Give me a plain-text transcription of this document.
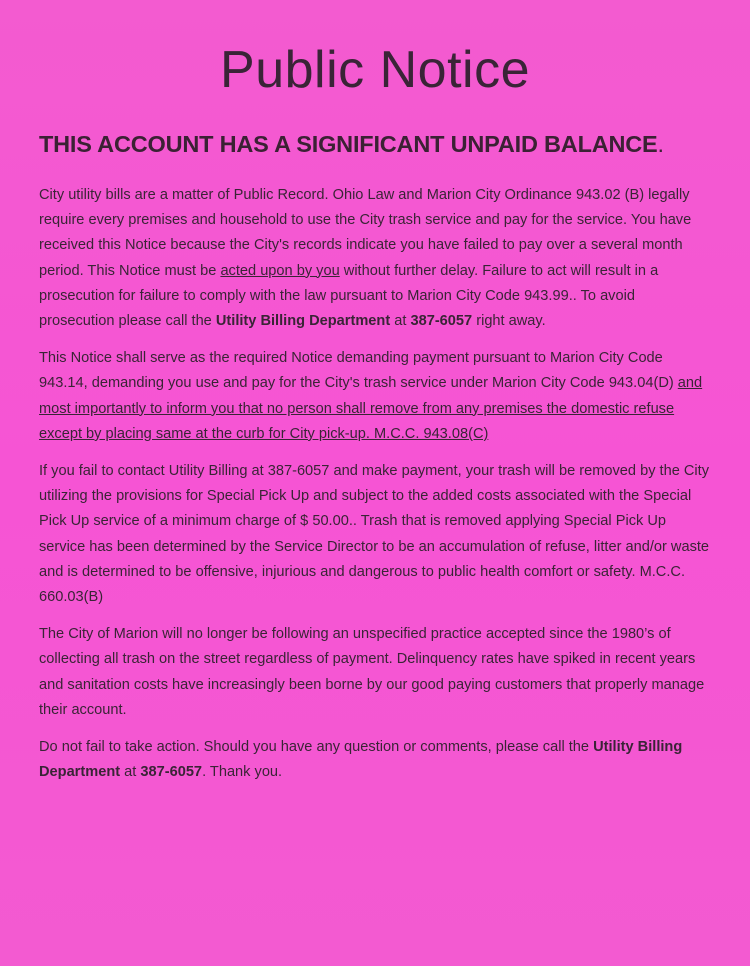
Public Notice
THIS ACCOUNT HAS A SIGNIFICANT UNPAID BALANCE.

City utility bills are a matter of Public Record. Ohio Law and Marion City Ordinance 943.02 (B) legally require every premises and household to use the City trash service and pay for the service. You have received this Notice because the City's records indicate you have failed to pay over a several month period. This Notice must be acted upon by you without further delay. Failure to act will result in a prosecution for failure to comply with the law pursuant to Marion City Code 943.99.. To avoid prosecution please call the Utility Billing Department at 387-6057 right away.

This Notice shall serve as the required Notice demanding payment pursuant to Marion City Code 943.14, demanding you use and pay for the City's trash service under Marion City Code 943.04(D) and most importantly to inform you that no person shall remove from any premises the domestic refuse except by placing same at the curb for City pick-up. M.C.C. 943.08(C)

If you fail to contact Utility Billing at 387-6057 and make payment, your trash will be removed by the City utilizing the provisions for Special Pick Up and subject to the added costs associated with the Special Pick Up service of a minimum charge of $ 50.00.. Trash that is removed applying Special Pick Up service has been determined by the Service Director to be an accumulation of refuse, litter and/or waste and is determined to be offensive, injurious and dangerous to public health comfort or safety. M.C.C. 660.03(B)

The City of Marion will no longer be following an unspecified practice accepted since the 1980’s of collecting all trash on the street regardless of payment. Delinquency rates have spiked in recent years and sanitation costs have increasingly been borne by our good paying customers that properly manage their account.

Do not fail to take action. Should you have any question or comments, please call the Utility Billing Department at 387-6057. Thank you.
